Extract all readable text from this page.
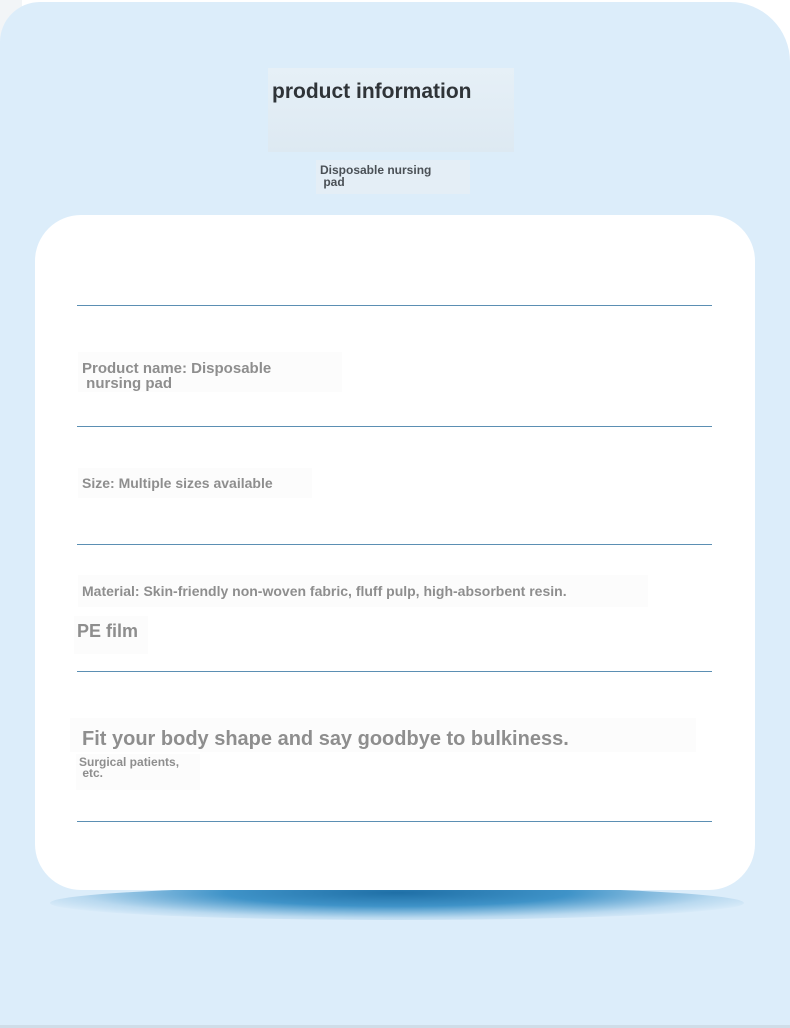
product information
Disposable nursing
pad
Product name: Disposable
nursing pad
Size: Multiple sizes available
Material: Skin-friendly non-woven fabric, fluff pulp, high-absorbent resin.
PE film
Fit your body shape and say goodbye to bulkiness.
Surgical patients,
etc.
